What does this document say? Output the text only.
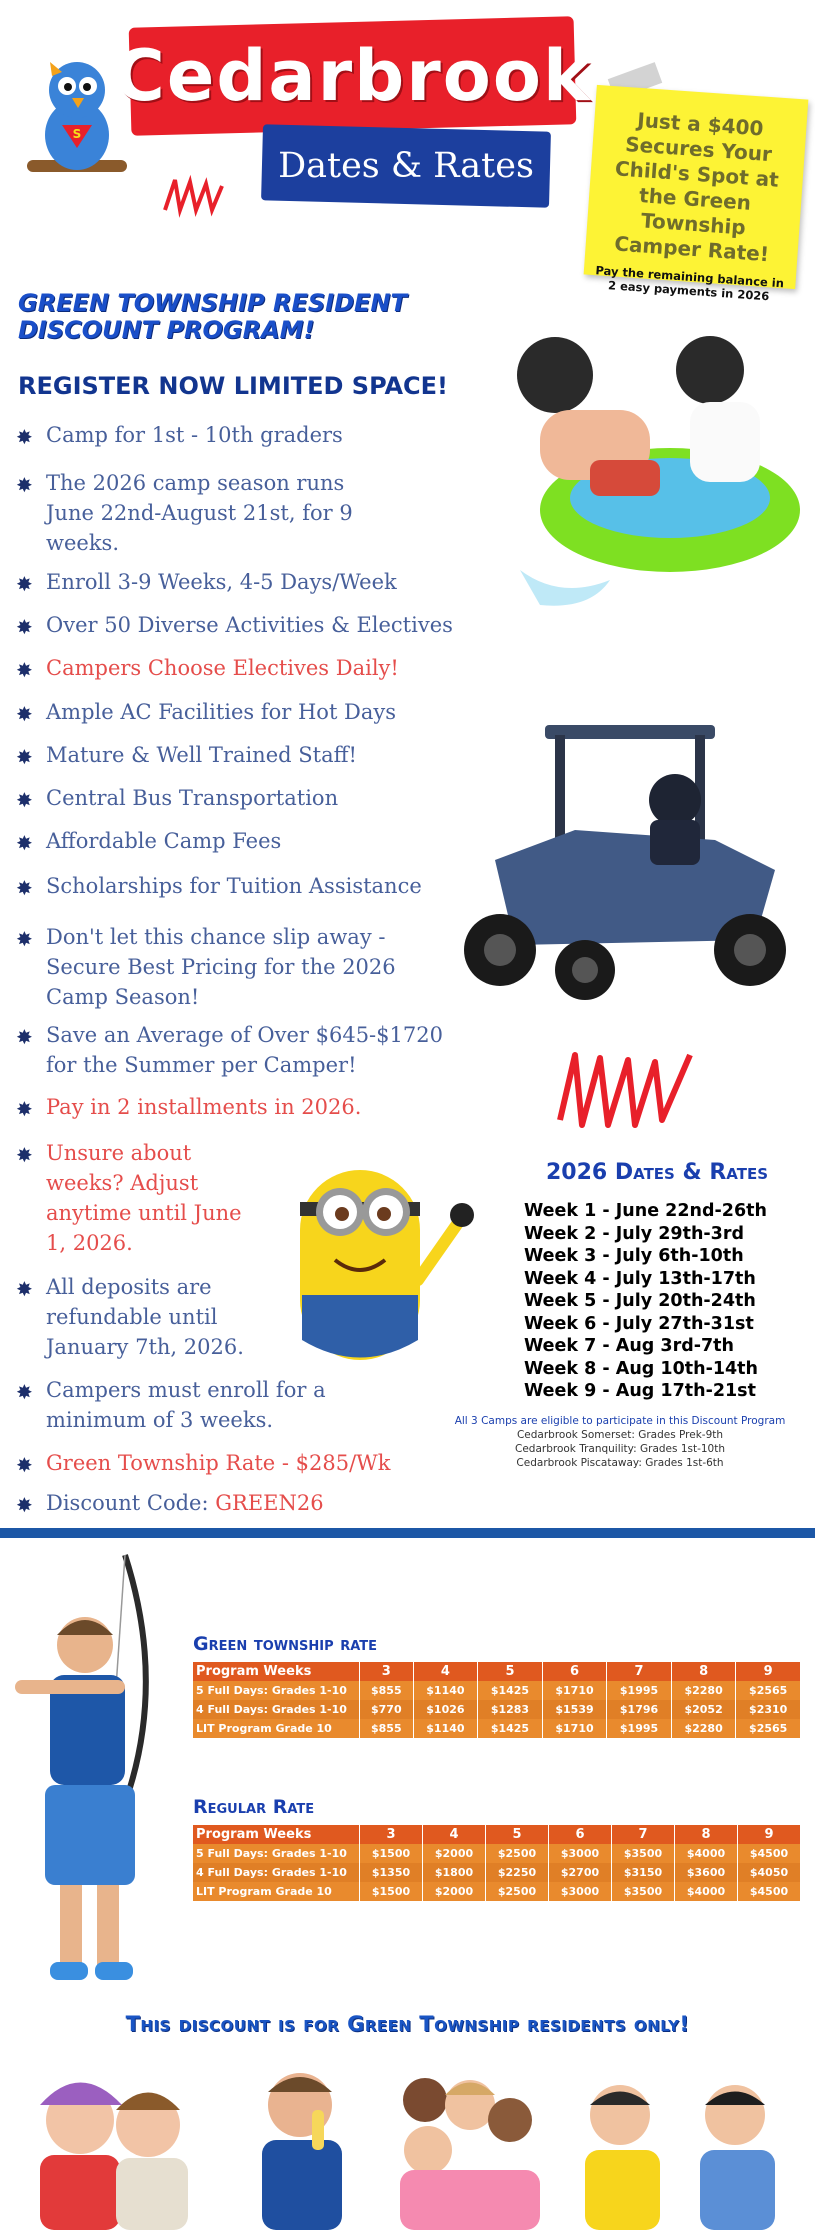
S
Cedarbrook
Dates & Rates
Just a $400 Secures Your Child's Spot at the Green Township Camper Rate!
Pay the remaining balance in 2 easy payments in 2026
GREEN TOWNSHIP RESIDENT DISCOUNT PROGRAM!
REGISTER NOW LIMITED SPACE!
✸ Camp for 1st - 10th graders
✸ The 2026 camp season runs June 22nd-August 21st, for 9 weeks.
✸ Enroll 3-9 Weeks, 4-5 Days/Week
✸ Over 50 Diverse Activities & Electives
✸ Campers Choose Electives Daily!
✸ Ample AC Facilities for Hot Days
✸ Mature & Well Trained Staff!
✸ Central Bus Transportation
✸ Affordable Camp Fees
✸ Scholarships for Tuition Assistance
✸ Don't let this chance slip away - Secure Best Pricing for the 2026 Camp Season!
✸ Save an Average of Over $645-$1720 for the Summer per Camper!
✸ Pay in 2 installments in 2026.
✸ Unsure about weeks? Adjust anytime until June 1, 2026.
✸ All deposits are refundable until January 7th, 2026.
✸ Campers must enroll for a minimum of 3 weeks.
✸ Green Township Rate - $285/Wk
✸ Discount Code: GREEN26
2026 Dates & Rates
Week 1 - June 22nd-26th
Week 2 - July 29th-3rd
Week 3 - July 6th-10th
Week 4 - July 13th-17th
Week 5 - July 20th-24th
Week 6 - July 27th-31st
Week 7 - Aug 3rd-7th
Week 8 - Aug 10th-14th
Week 9 - Aug 17th-21st
All 3 Camps are eligible to participate in this Discount Program
Cedarbrook Somerset: Grades Prek-9th
Cedarbrook Tranquility: Grades 1st-10th
Cedarbrook Piscataway: Grades 1st-6th
Green township rate
Program Weeks	3	4	5	6	7	8	9
5 Full Days: Grades 1-10	$855	$1140	$1425	$1710	$1995	$2280	$2565
4 Full Days: Grades 1-10	$770	$1026	$1283	$1539	$1796	$2052	$2310
LIT Program Grade 10	$855	$1140	$1425	$1710	$1995	$2280	$2565
Regular Rate
Program Weeks	3	4	5	6	7	8	9
5 Full Days: Grades 1-10	$1500	$2000	$2500	$3000	$3500	$4000	$4500
4 Full Days: Grades 1-10	$1350	$1800	$2250	$2700	$3150	$3600	$4050
LIT Program Grade 10	$1500	$2000	$2500	$3000	$3500	$4000	$4500
This discount is for Green Township residents only!
